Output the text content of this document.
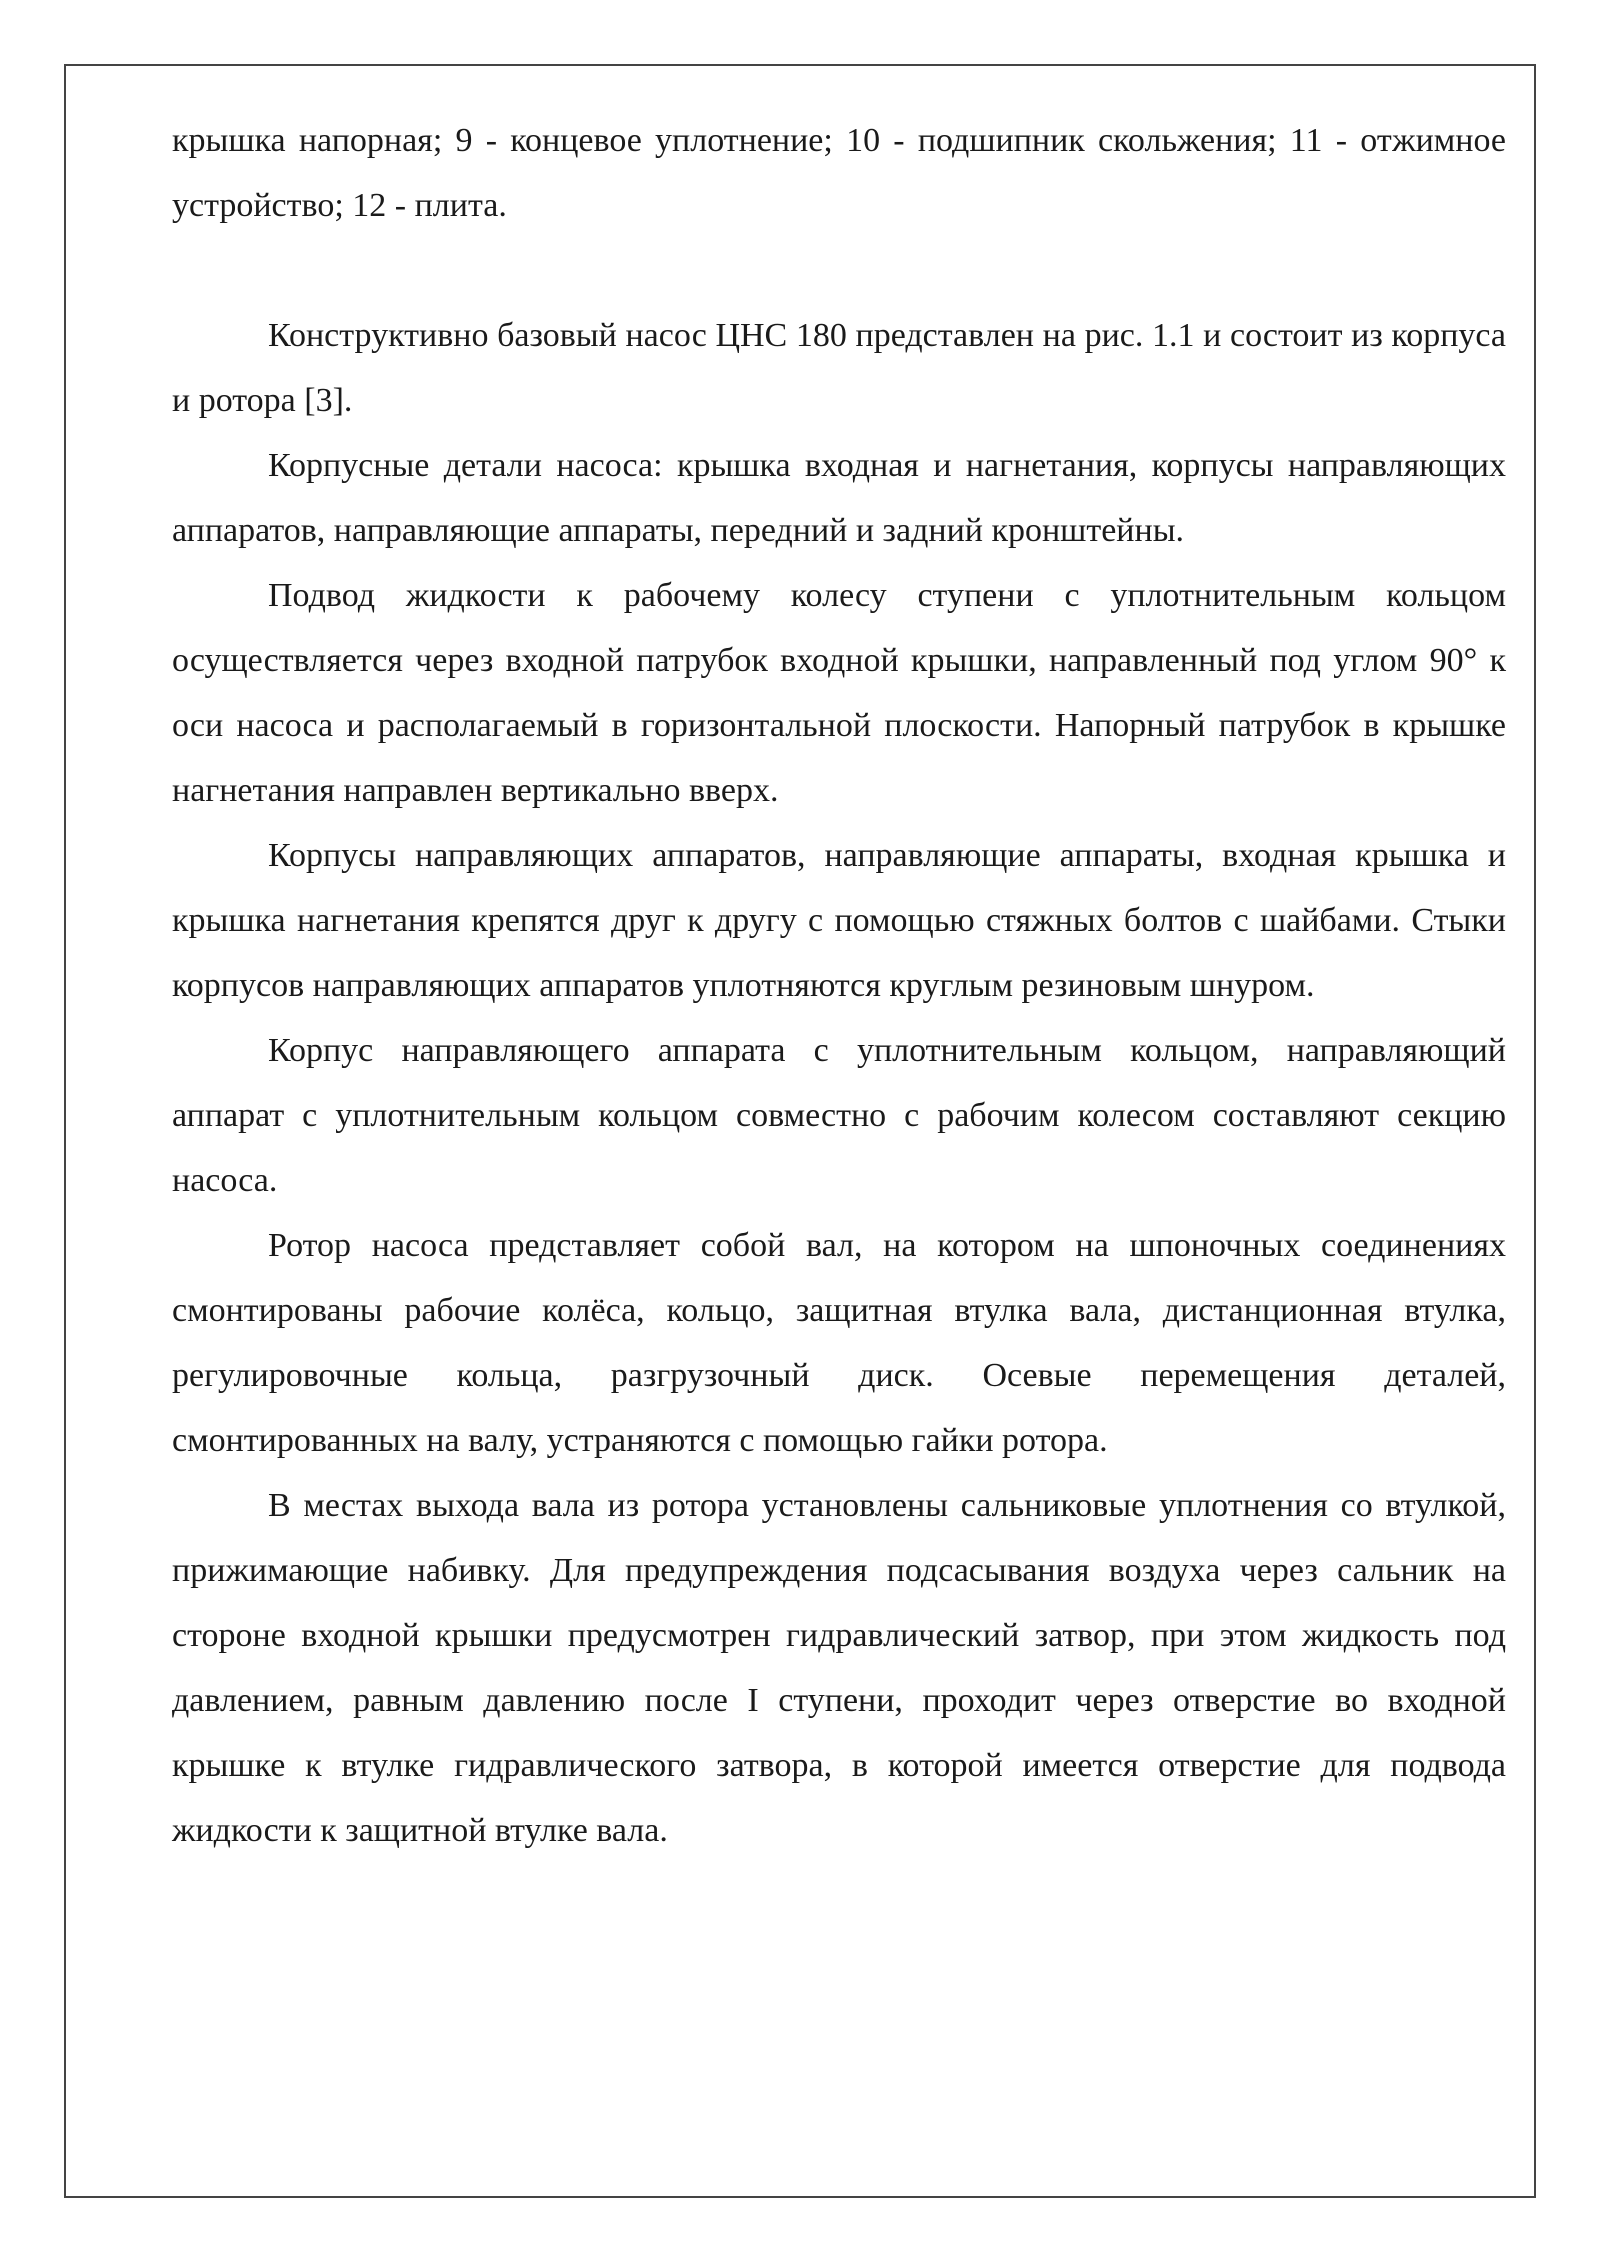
крышка напорная; 9 - концевое уплотнение; 10 - подшипник скольжения; 11 - отжимное устройство; 12 - плита.

Конструктивно базовый насос ЦНС 180 представлен на рис. 1.1 и состоит из корпуса и ротора [3].

Корпусные детали насоса: крышка входная и нагнетания, корпусы направляющих аппаратов, направляющие аппараты, передний и задний кронштейны.

Подвод жидкости к рабочему колесу ступени с уплотнительным кольцом осуществляется через входной патрубок входной крышки, направленный под углом 90° к оси насоса и располагаемый в горизонтальной плоскости. Напорный патрубок в крышке нагнетания направлен вертикально вверх.

Корпусы направляющих аппаратов, направляющие аппараты, входная крышка и крышка нагнетания крепятся друг к другу с помощью стяжных болтов с шайбами. Стыки корпусов направляющих аппаратов уплотняются круглым резиновым шнуром.

Корпус направляющего аппарата с уплотнительным кольцом, направляющий аппарат с уплотнительным кольцом совместно с рабочим колесом составляют секцию насоса.

Ротор насоса представляет собой вал, на котором на шпоночных соединениях смонтированы рабочие колёса, кольцо, защитная втулка вала, дистанционная втулка, регулировочные кольца, разгрузочный диск. Осевые перемещения деталей, смонтированных на валу, устраняются с помощью гайки ротора.

В местах выхода вала из ротора установлены сальниковые уплотнения со втулкой, прижимающие набивку. Для предупреждения подсасывания воздуха через сальник на стороне входной крышки предусмотрен гидравлический затвор, при этом жидкость под давлением, равным давлению после I ступени, проходит через отверстие во входной крышке к втулке гидравлического затвора, в которой имеется отверстие для подвода жидкости к защитной втулке вала.
